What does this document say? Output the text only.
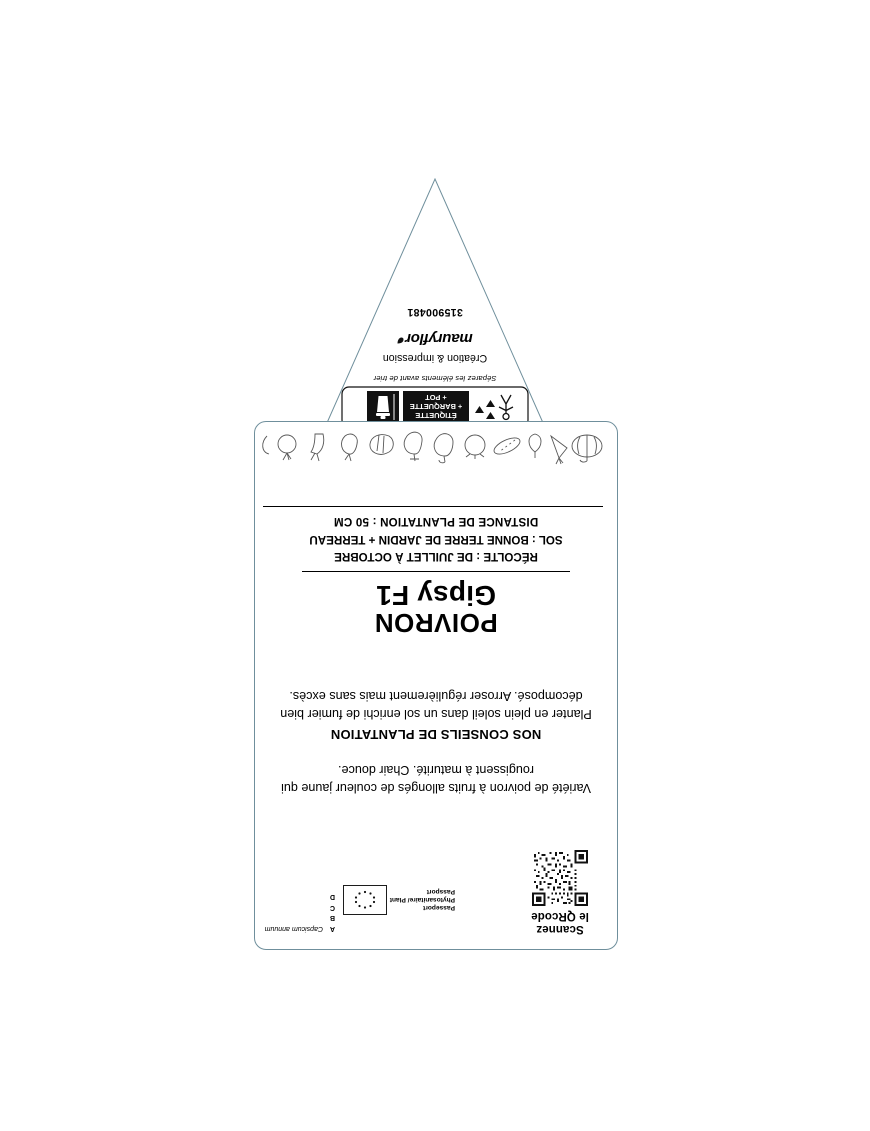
ÉTIQUETTE
+ BARQUETTE
+ POT
Séparez les éléments avant de trier
Création & impression
mauryflor
315900481
Scannez
le QRcode
Passeport Phytosanitaire/ Plant Passport
ACapsicum annuum
B
C
D

Variété de poivron à fruits allongés de couleur jaune qui rougissent à maturité. Chair douce.

NOS CONSEILS DE PLANTATION

Planter en plein soleil dans un sol enrichi de fumier bien décomposé. Arroser régulièrement mais sans excès.

POIVRON
Gipsy F1
RÉCOLTE : DE JUILLET À OCTOBRE
SOL : BONNE TERRE DE JARDIN + TERREAU
DISTANCE DE PLANTATION : 50 CM
